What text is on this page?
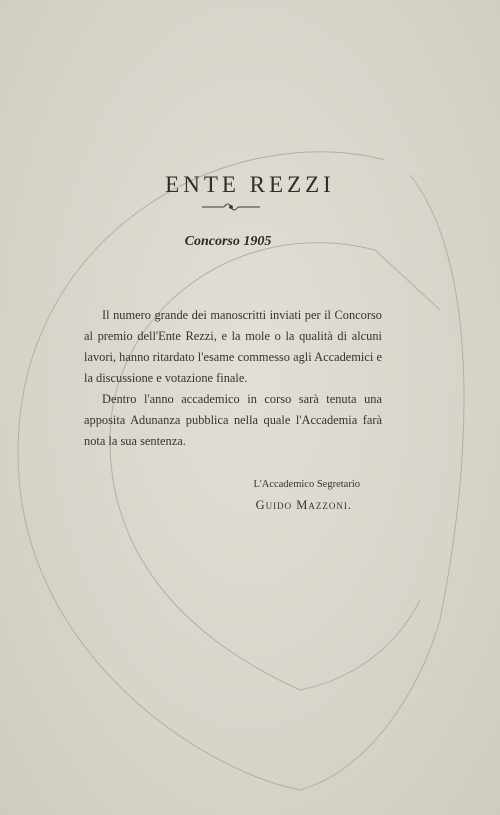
ENTE REZZI
Concorso 1905

Il numero grande dei manoscritti inviati per il Concorso al premio dell'Ente Rezzi, e la mole o la qualità di alcuni lavori, hanno ritardato l'esame commesso agli Accademici e la discussione e votazione finale.

Dentro l'anno accademico in corso sarà tenuta una apposita Adunanza pubblica nella quale l'Accademia farà nota la sua sentenza.

L'Accademico Segretario
Guido Mazzoni.
